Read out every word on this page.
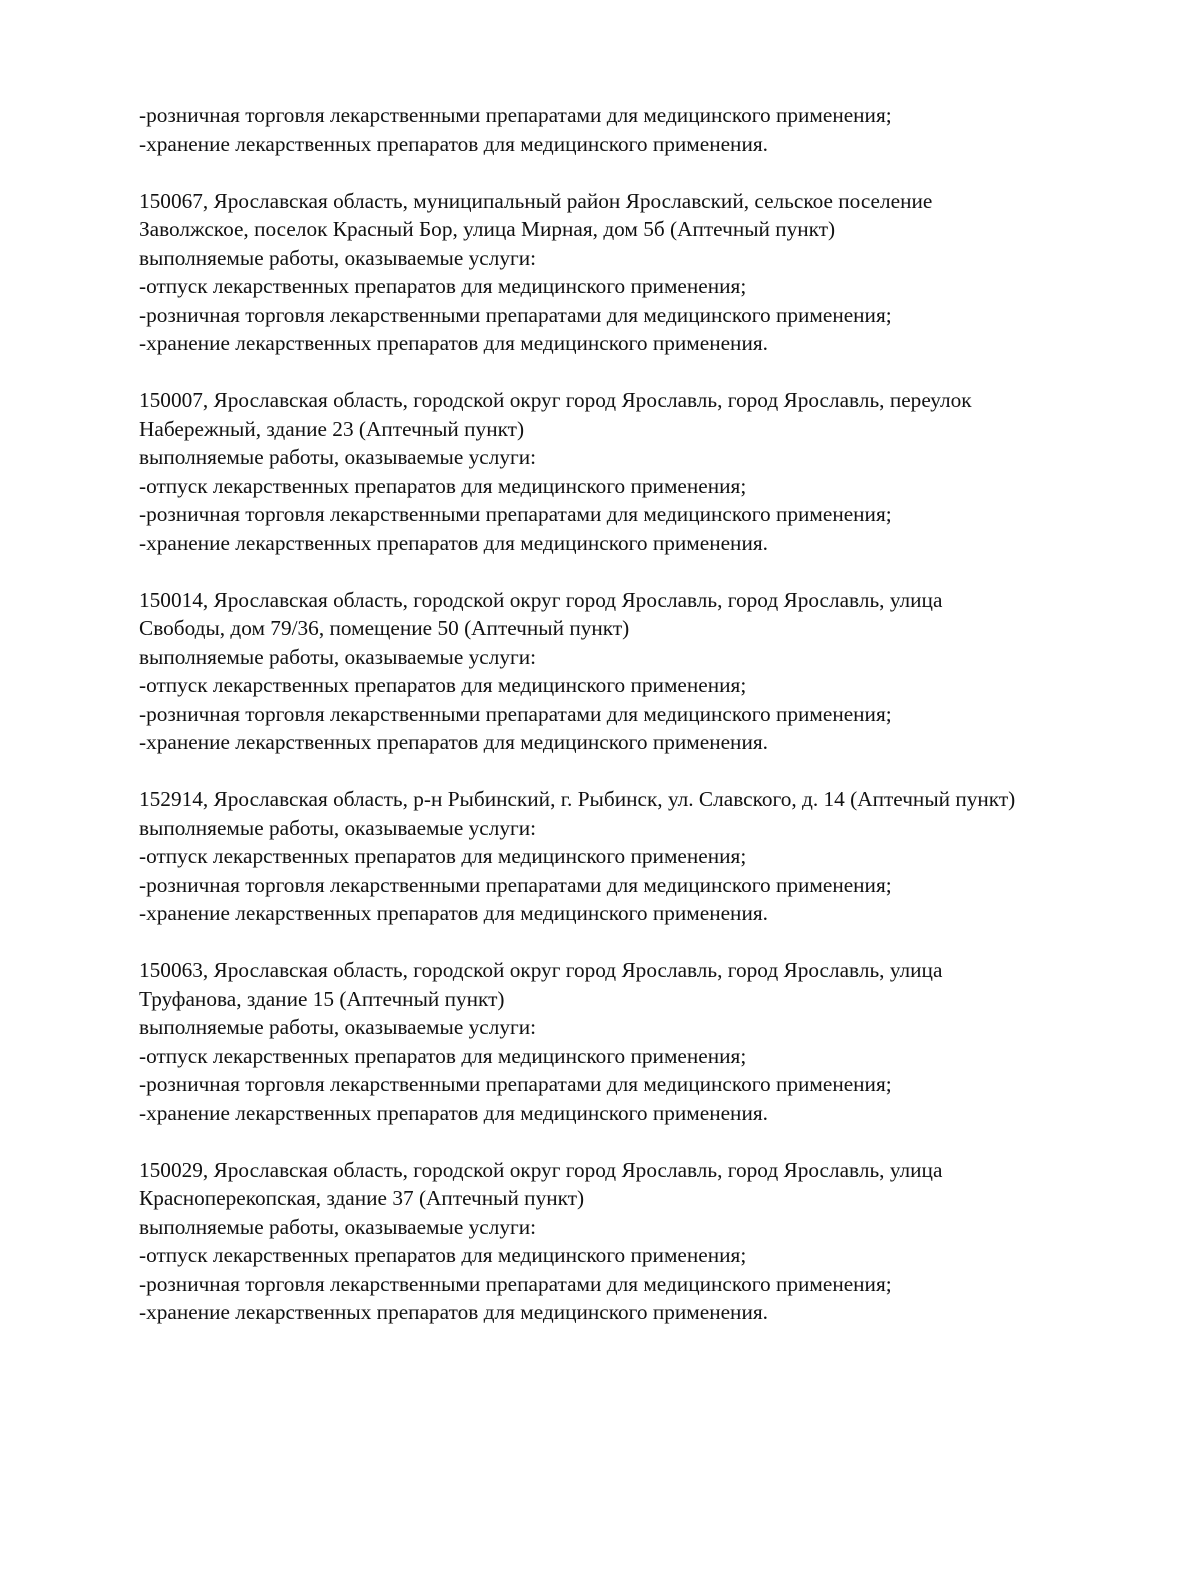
-розничная торговля лекарственными препаратами для медицинского применения;
-хранение лекарственных препаратов для медицинского применения.
150067, Ярославская область, муниципальный район Ярославский, сельское поселение
Заволжское, поселок Красный Бор, улица Мирная, дом 5б (Аптечный пункт)
выполняемые работы, оказываемые услуги:
-отпуск лекарственных препаратов для медицинского применения;
-розничная торговля лекарственными препаратами для медицинского применения;
-хранение лекарственных препаратов для медицинского применения.
150007, Ярославская область, городской округ город Ярославль, город Ярославль, переулок
Набережный, здание 23 (Аптечный пункт)
выполняемые работы, оказываемые услуги:
-отпуск лекарственных препаратов для медицинского применения;
-розничная торговля лекарственными препаратами для медицинского применения;
-хранение лекарственных препаратов для медицинского применения.
150014, Ярославская область, городской округ город Ярославль, город Ярославль, улица
Свободы, дом 79/36, помещение 50 (Аптечный пункт)
выполняемые работы, оказываемые услуги:
-отпуск лекарственных препаратов для медицинского применения;
-розничная торговля лекарственными препаратами для медицинского применения;
-хранение лекарственных препаратов для медицинского применения.
152914, Ярославская область, р-н Рыбинский, г. Рыбинск, ул. Славского, д. 14 (Аптечный пункт)
выполняемые работы, оказываемые услуги:
-отпуск лекарственных препаратов для медицинского применения;
-розничная торговля лекарственными препаратами для медицинского применения;
-хранение лекарственных препаратов для медицинского применения.
150063, Ярославская область, городской округ город Ярославль, город Ярославль, улица
Труфанова, здание 15 (Аптечный пункт)
выполняемые работы, оказываемые услуги:
-отпуск лекарственных препаратов для медицинского применения;
-розничная торговля лекарственными препаратами для медицинского применения;
-хранение лекарственных препаратов для медицинского применения.
150029, Ярославская область, городской округ город Ярославль, город Ярославль, улица
Красноперекопская, здание 37 (Аптечный пункт)
выполняемые работы, оказываемые услуги:
-отпуск лекарственных препаратов для медицинского применения;
-розничная торговля лекарственными препаратами для медицинского применения;
-хранение лекарственных препаратов для медицинского применения.
